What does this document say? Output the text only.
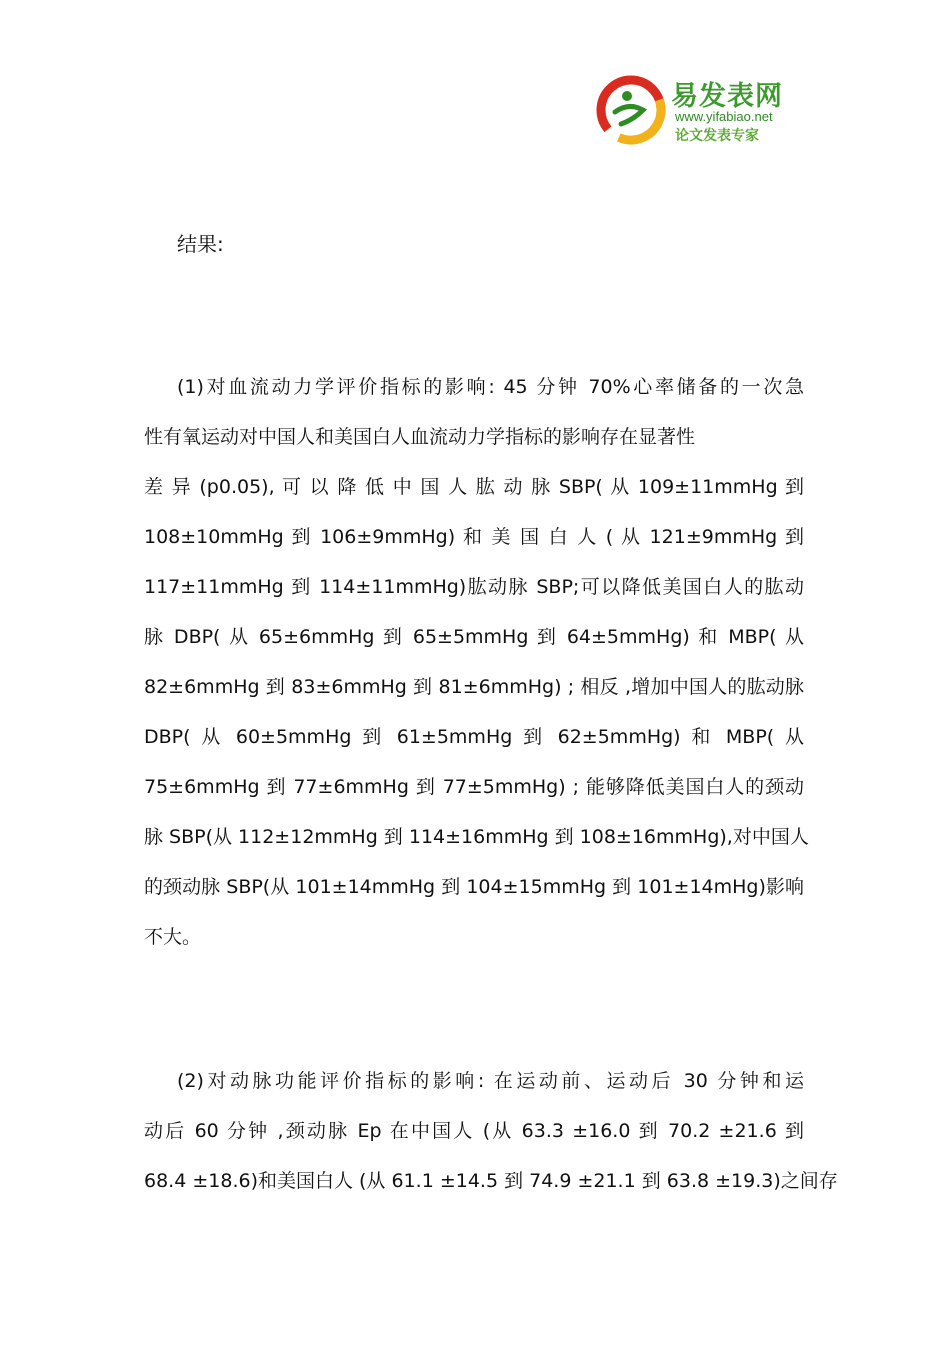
易发表网
www.yifabiao.net
论文发表专家
结果:
(1)对血流动力学评价指标的影响: 45 分钟 70%心率储备的一次急
性有氧运动对中国人和美国白人血流动力学指标的影响存在显著性
差 异 (p0.05), 可 以 降 低 中 国 人 肱 动 脉 SBP( 从 109±11mmHg 到
108±10mmHg 到 106±9mmHg) 和 美 国 白 人 ( 从 121±9mmHg 到
117±11mmHg 到 114±11mmHg)肱动脉 SBP;可以降低美国白人的肱动
脉 DBP( 从 65±6mmHg 到 65±5mmHg 到 64±5mmHg) 和 MBP( 从
82±6mmHg 到 83±6mmHg 到 81±6mmHg) ; 相反 ,增加中国人的肱动脉
DBP( 从 60±5mmHg 到 61±5mmHg 到 62±5mmHg) 和 MBP( 从
75±6mmHg 到 77±6mmHg 到 77±5mmHg) ; 能够降低美国白人的颈动
脉 SBP(从 112±12mmHg 到 114±16mmHg 到 108±16mmHg),对中国人
的颈动脉 SBP(从 101±14mmHg 到 104±15mmHg 到 101±14mHg)影响
不大。
(2)对动脉功能评价指标的影响: 在运动前、运动后 30 分钟和运
动后 60 分钟 ,颈动脉 Ep 在中国人 (从 63.3 ±16.0 到 70.2 ±21.6 到
68.4 ±18.6)和美国白人 (从 61.1 ±14.5 到 74.9 ±21.1 到 63.8 ±19.3)之间存
